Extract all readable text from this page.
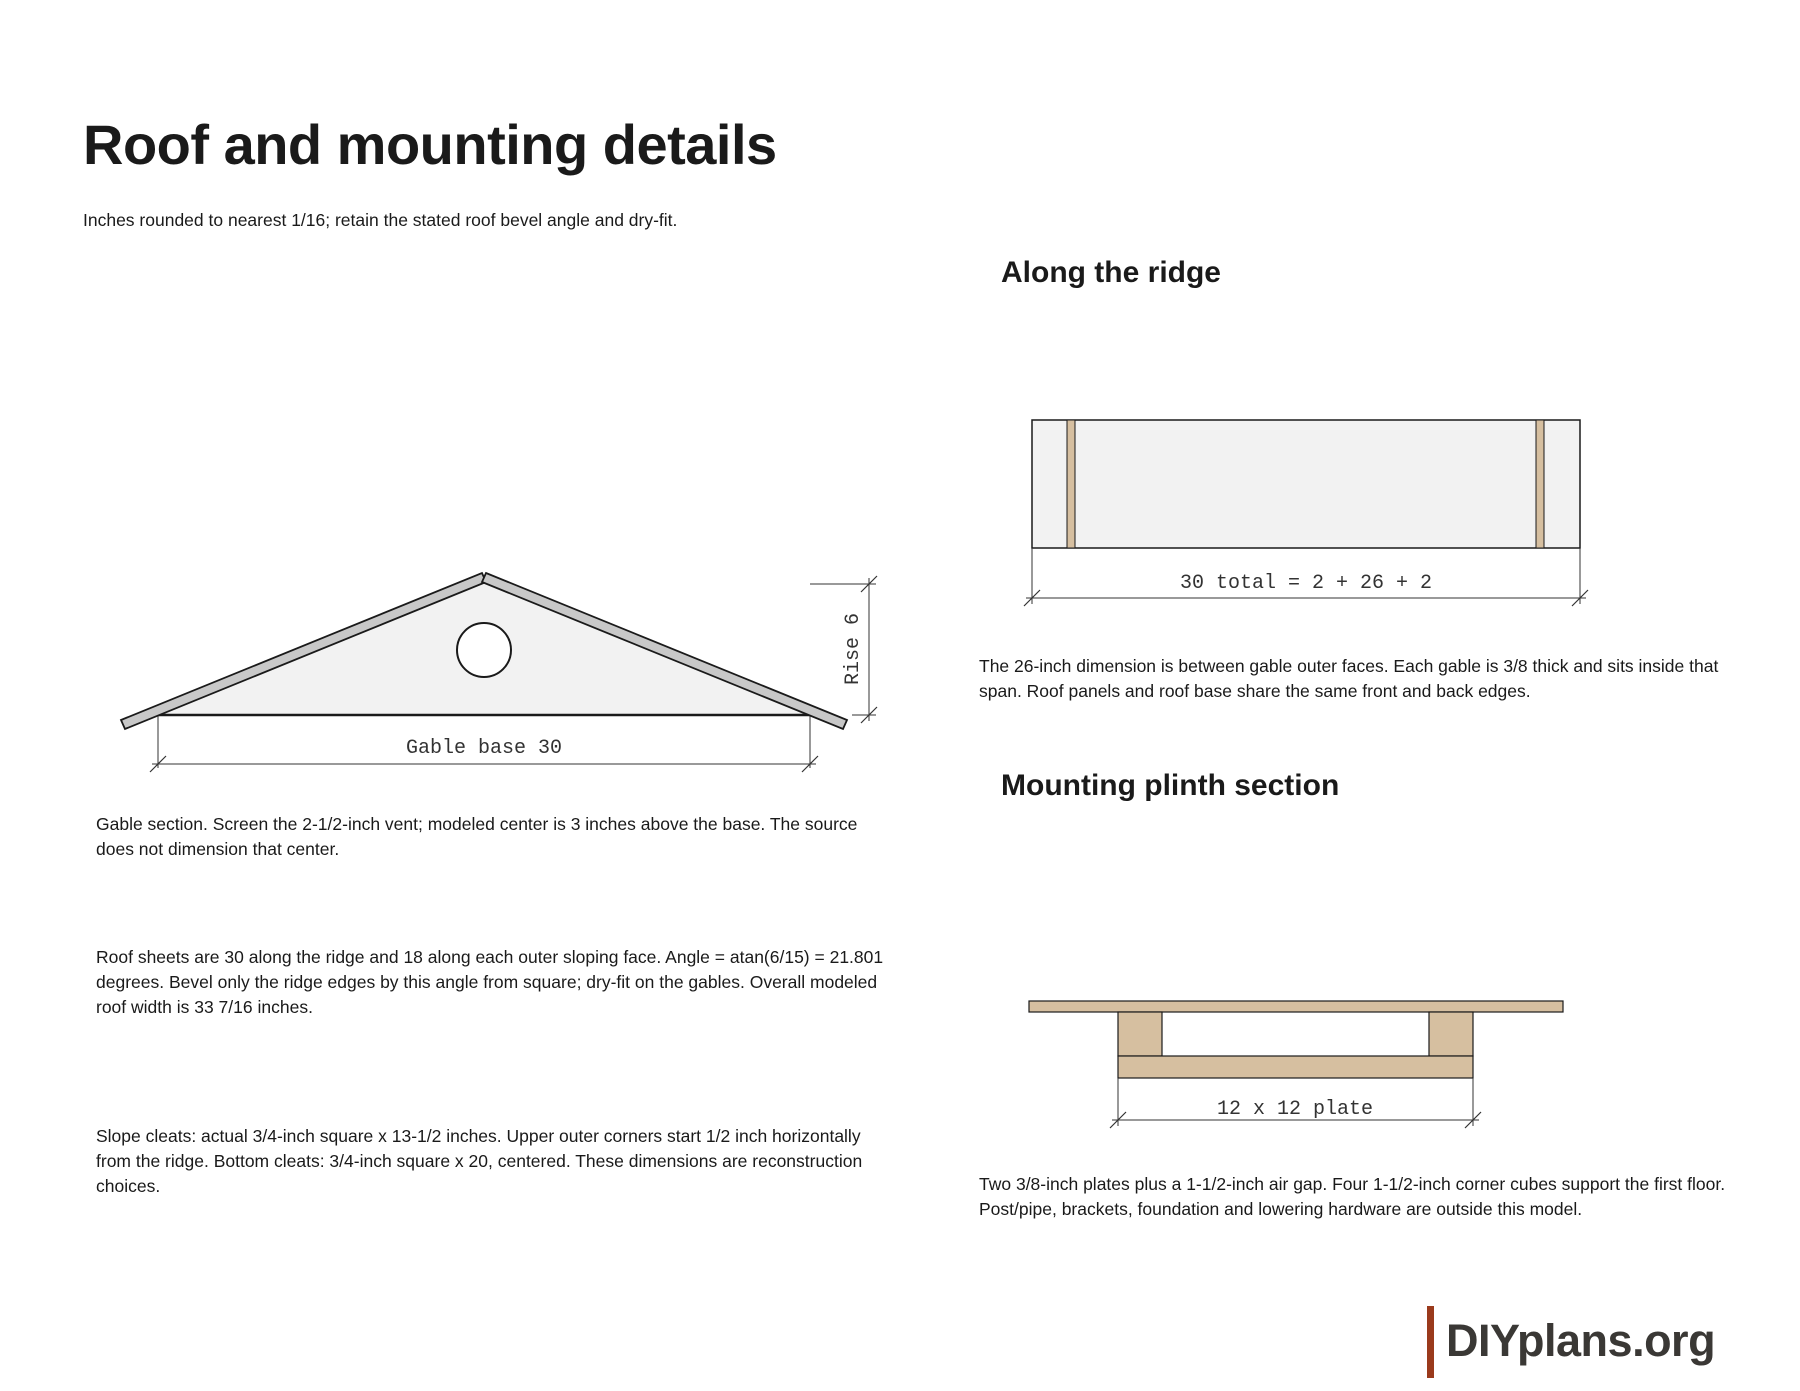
Roof and mounting details

Inches rounded to nearest 1/16; retain the stated roof bevel angle and dry-fit.

Along the ridge
Mounting plinth section
Gable base 30
Rise 6
30 total = 2 + 26 + 2
12 x 12 plate

Gable section. Screen the 2-1/2-inch vent; modeled center is 3 inches above the base. The source does not dimension that center.

Roof sheets are 30 along the ridge and 18 along each outer sloping face. Angle = atan(6/15) = 21.801 degrees. Bevel only the ridge edges by this angle from square; dry-fit on the gables. Overall modeled roof width is 33 7/16 inches.

Slope cleats: actual 3/4-inch square x 13-1/2 inches. Upper outer corners start 1/2 inch horizontally from the ridge. Bottom cleats: 3/4-inch square x 20, centered. These dimensions are reconstruction choices.

The 26-inch dimension is between gable outer faces. Each gable is 3/8 thick and sits inside that span. Roof panels and roof base share the same front and back edges.

Two 3/8-inch plates plus a 1-1/2-inch air gap. Four 1-1/2-inch corner cubes support the first floor. Post/pipe, brackets, foundation and lowering hardware are outside this model.

DIYplans.org
